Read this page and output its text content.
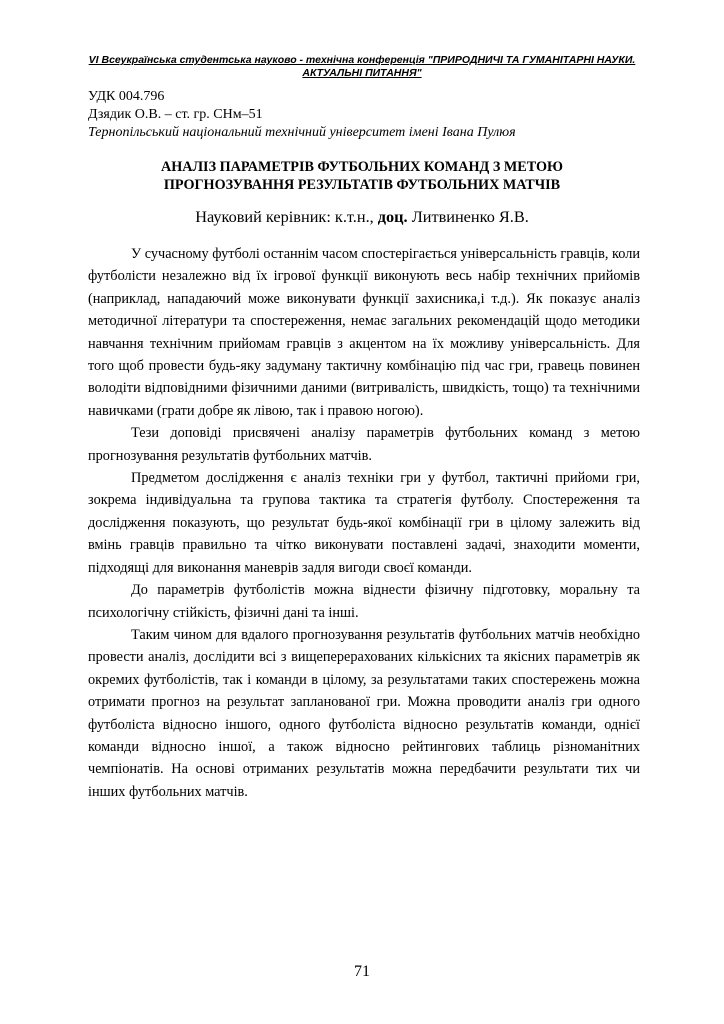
VI Всеукраїнська студентська науково - технічна конференція "ПРИРОДНИЧІ ТА ГУМАНІТАРНІ НАУКИ.
АКТУАЛЬНІ ПИТАННЯ"
УДК 004.796
Дзядик О.В. – ст. гр. СНм–51
Тернопільський національний технічний університет імені Івана Пулюя
АНАЛІЗ ПАРАМЕТРІВ ФУТБОЛЬНИХ КОМАНД З МЕТОЮ
ПРОГНОЗУВАННЯ РЕЗУЛЬТАТІВ ФУТБОЛЬНИХ МАТЧІВ
Науковий керівник: к.т.н., доц. Литвиненко Я.В.

У сучасному футболі останнім часом спостерігається універсальність гравців, коли футболісти незалежно від їх ігрової функції виконують весь набір технічних прийомів (наприклад, нападаючий може виконувати функції захисника,і т.д.). Як показує аналіз методичної літератури та спостереження, немає загальних рекомендацій щодо методики навчання технічним прийомам гравців з акцентом на їх можливу універсальність. Для того щоб провести будь-яку задуману тактичну комбінацію під час гри, гравець повинен володіти відповідними фізичними даними (витривалість, швидкість, тощо) та технічними навичками (грати добре як лівою, так і правою ногою).

Тези доповіді присвячені аналізу параметрів футбольних команд з метою прогнозування результатів футбольних матчів.

Предметом дослідження є аналіз техніки гри у футбол, тактичні прийоми гри, зокрема індивідуальна та групова тактика та стратегія футболу. Спостереження та дослідження показують, що результат будь-якої комбінації гри в цілому залежить від вмінь гравців правильно та чітко виконувати поставлені задачі, знаходити моменти, підходящі для виконання маневрів задля вигоди своєї команди.

До параметрів футболістів можна віднести фізичну підготовку, моральну та психологічну стійкість, фізичні дані та інші.

Таким чином для вдалого прогнозування результатів футбольних матчів необхідно провести аналіз, дослідити всі з вищеперерахованих кількісних та якісних параметрів як окремих футболістів, так і команди в цілому, за результатами таких спостережень можна отримати прогноз на результат запланованої гри. Можна проводити аналіз гри одного футболіста відносно іншого, одного футболіста відносно результатів команди, однієї команди відносно іншої, а також відносно рейтингових таблиць різноманітних чемпіонатів. На основі отриманих результатів можна передбачити результати тих чи інших футбольних матчів.

71
